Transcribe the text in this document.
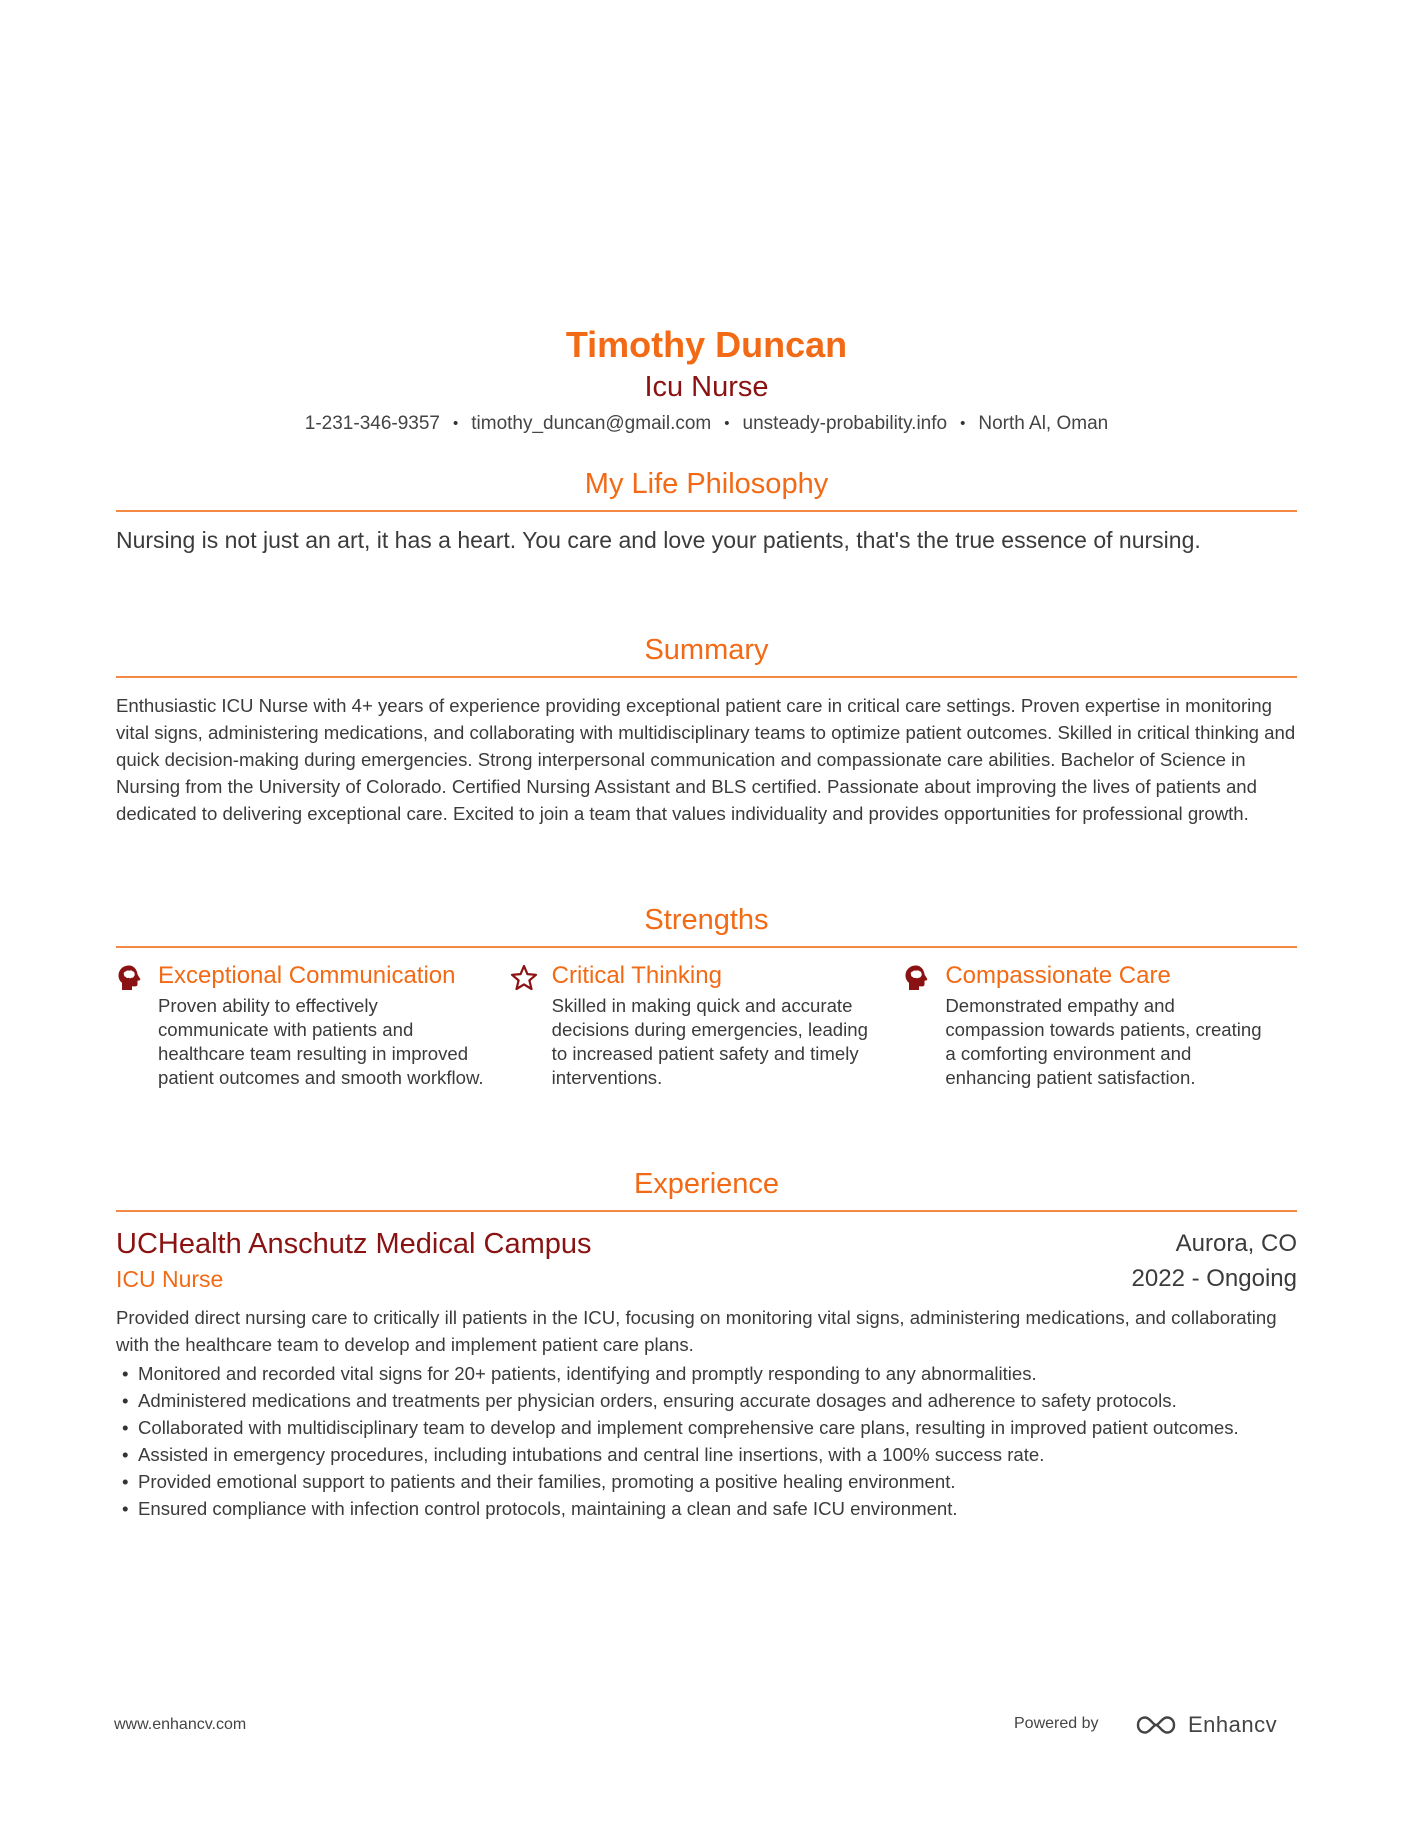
Timothy Duncan
Icu Nurse
1-231-346-9357 • timothy_duncan@gmail.com • unsteady-probability.info • North Al, Oman
My Life Philosophy
Nursing is not just an art, it has a heart. You care and love your patients, that's the true essence of nursing.
Summary
Enthusiastic ICU Nurse with 4+ years of experience providing exceptional patient care in critical care settings. Proven expertise in monitoring vital signs, administering medications, and collaborating with multidisciplinary teams to optimize patient outcomes. Skilled in critical thinking and quick decision-making during emergencies. Strong interpersonal communication and compassionate care abilities. Bachelor of Science in Nursing from the University of Colorado. Certified Nursing Assistant and BLS certified. Passionate about improving the lives of patients and dedicated to delivering exceptional care. Excited to join a team that values individuality and provides opportunities for professional growth.
Strengths
Exceptional Communication
Proven ability to effectively communicate with patients and healthcare team resulting in improved patient outcomes and smooth workflow.
Critical Thinking
Skilled in making quick and accurate decisions during emergencies, leading to increased patient safety and timely interventions.
Compassionate Care
Demonstrated empathy and compassion towards patients, creating a comforting environment and enhancing patient satisfaction.
Experience
UCHealth Anschutz Medical Campus	Aurora, CO
ICU Nurse	2022 - Ongoing
Provided direct nursing care to critically ill patients in the ICU, focusing on monitoring vital signs, administering medications, and collaborating with the healthcare team to develop and implement patient care plans.
• Monitored and recorded vital signs for 20+ patients, identifying and promptly responding to any abnormalities.
• Administered medications and treatments per physician orders, ensuring accurate dosages and adherence to safety protocols.
• Collaborated with multidisciplinary team to develop and implement comprehensive care plans, resulting in improved patient outcomes.
• Assisted in emergency procedures, including intubations and central line insertions, with a 100% success rate.
• Provided emotional support to patients and their families, promoting a positive healing environment.
• Ensured compliance with infection control protocols, maintaining a clean and safe ICU environment.
www.enhancv.com	Powered by	Enhancv
